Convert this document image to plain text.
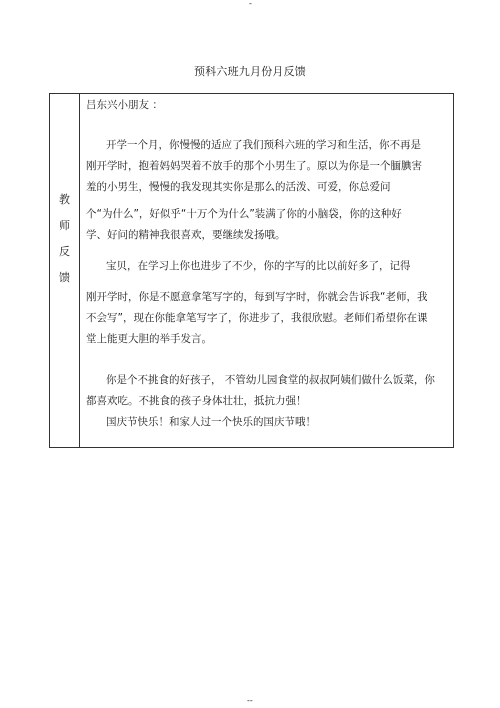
-
预科六班九月份月反馈
教
师
反
馈
吕东兴小朋友 ：
开学一个月，你慢慢的适应了我们预科六班的学习和生活，你不再是
刚开学时，抱着妈妈哭着不放手的那个小男生了。原以为你是一个腼腆害
羞的小男生，慢慢的我发现其实你是那么的活泼、可爱，你总爱问
个“为什么”，好似乎“十万个为什么”装满了你的小脑袋，你的这种好
学、好问的精神我很喜欢，要继续发扬哦。
宝贝，在学习上你也进步了不少，你的字写的比以前好多了，记得
刚开学时，你是不愿意拿笔写字的，每到写字时，你就会告诉我“老师，我
不会写”，现在你能拿笔写字了，你进步了，我很欣慰。老师们希望你在课
堂上能更大胆的举手发言。
你是个不挑食的好孩子， 不管幼儿园食堂的叔叔阿姨们做什么饭菜，你
都喜欢吃。不挑食的孩子身体壮壮，抵抗力强！
国庆节快乐！和家人过一个快乐的国庆节哦！
--
